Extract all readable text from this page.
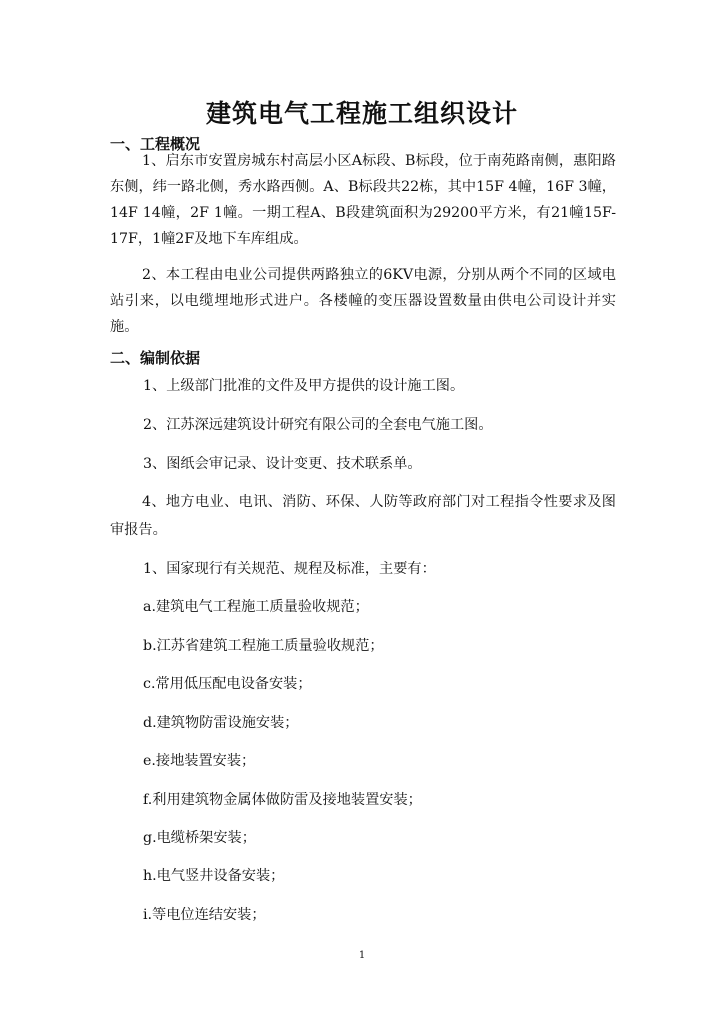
建筑电气工程施工组织设计
一、工程概况
1、启东市安置房城东村高层小区A标段、B标段，位于南苑路南侧，惠阳路东侧，纬一路北侧，秀水路西侧。A、B标段共22栋，其中15F 4幢，16F 3幢，14F 14幢，2F 1幢。一期工程A、B段建筑面积为29200平方米，有21幢15F-17F，1幢2F及地下车库组成。
2、本工程由电业公司提供两路独立的6KV电源，分别从两个不同的区域电站引来，以电缆埋地形式进户。各楼幢的变压器设置数量由供电公司设计并实施。
二、编制依据
1、上级部门批准的文件及甲方提供的设计施工图。
2、江苏深远建筑设计研究有限公司的全套电气施工图。
3、图纸会审记录、设计变更、技术联系单。
4、地方电业、电讯、消防、环保、人防等政府部门对工程指令性要求及图审报告。
1、国家现行有关规范、规程及标准，主要有：
a.建筑电气工程施工质量验收规范；
b.江苏省建筑工程施工质量验收规范；
c.常用低压配电设备安装；
d.建筑物防雷设施安装；
e.接地装置安装；
f.利用建筑物金属体做防雷及接地装置安装；
g.电缆桥架安装；
h.电气竖井设备安装；
i.等电位连结安装；
1
